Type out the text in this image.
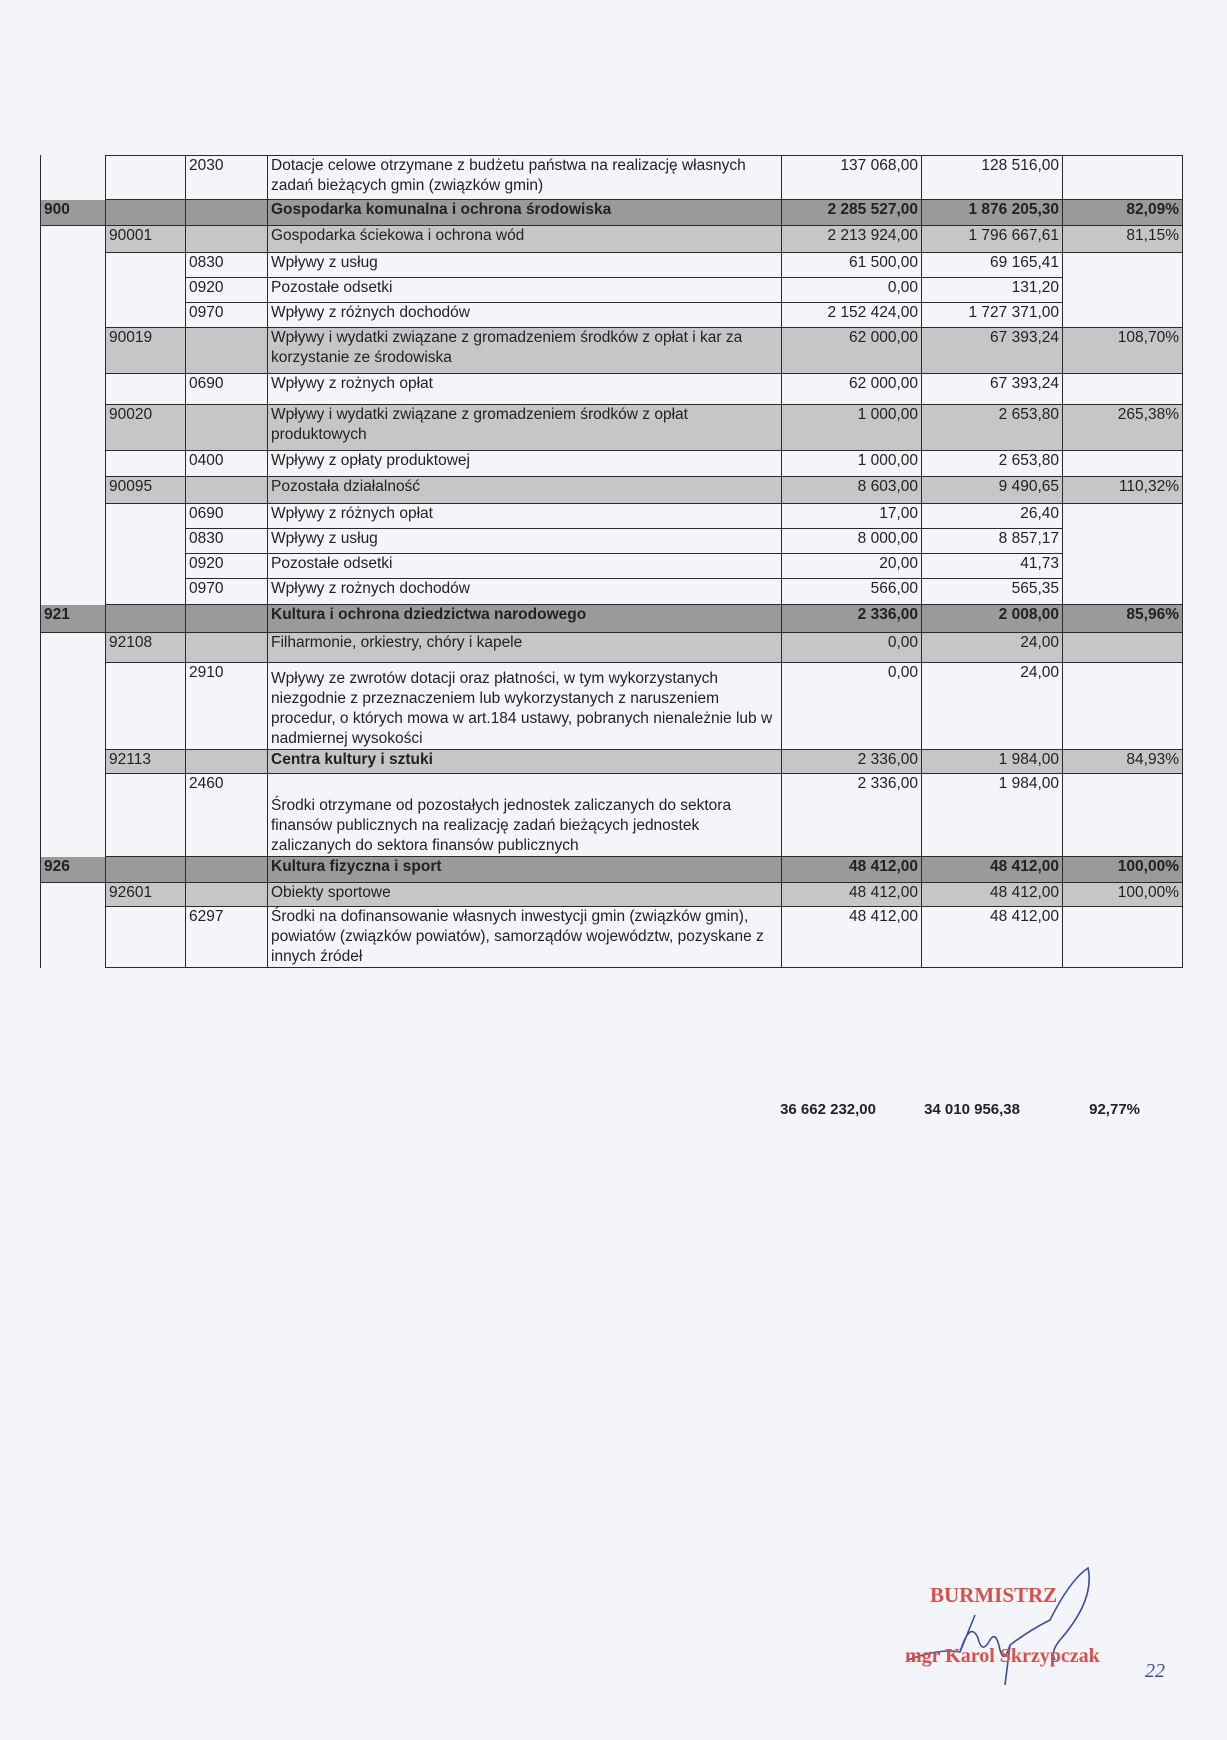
		2030	Dotacje celowe otrzymane z budżetu państwa na realizację własnych zadań bieżących gmin (związków gmin)	137 068,00	128 516,00	
900			Gospodarka komunalna i ochrona środowiska	2 285 527,00	1 876 205,30	82,09%
	90001		Gospodarka ściekowa i ochrona wód	2 213 924,00	1 796 667,61	81,15%
		0830	Wpływy z usług	61 500,00	69 165,41	
		0920	Pozostałe odsetki	0,00	131,20	
		0970	Wpływy z różnych dochodów	2 152 424,00	1 727 371,00	
	90019		Wpływy i wydatki związane z gromadzeniem środków z opłat i kar za korzystanie ze środowiska	62 000,00	67 393,24	108,70%
		0690	Wpływy z rożnych opłat	62 000,00	67 393,24	
	90020		Wpływy i wydatki związane z gromadzeniem środków z opłat produktowych	1 000,00	2 653,80	265,38%
		0400	Wpływy z opłaty produktowej	1 000,00	2 653,80	
	90095		Pozostała działalność	8 603,00	9 490,65	110,32%
		0690	Wpływy z różnych opłat	17,00	26,40	
		0830	Wpływy z usług	8 000,00	8 857,17	
		0920	Pozostałe odsetki	20,00	41,73	
		0970	Wpływy z rożnych dochodów	566,00	565,35	
921			Kultura i ochrona dziedzictwa narodowego	2 336,00	2 008,00	85,96%
	92108		Filharmonie, orkiestry, chóry i kapele	0,00	24,00	
		2910	Wpływy ze zwrotów dotacji oraz płatności, w tym wykorzystanych niezgodnie z przeznaczeniem lub wykorzystanych z naruszeniem procedur, o których mowa w art.184 ustawy, pobranych nienależnie lub w nadmiernej wysokości	0,00	24,00	
	92113		Centra kultury i sztuki	2 336,00	1 984,00	84,93%
		2460	Środki otrzymane od pozostałych jednostek zaliczanych do sektora finansów publicznych na realizację zadań bieżących jednostek zaliczanych do sektora finansów publicznych	2 336,00	1 984,00	
926			Kultura fizyczna i sport	48 412,00	48 412,00	100,00%
	92601		Obiekty sportowe	48 412,00	48 412,00	100,00%
		6297	Środki na dofinansowanie własnych inwestycji gmin (związków gmin), powiatów (związków powiatów), samorządów województw, pozyskane z innych źródeł	48 412,00	48 412,00	
36 662 232,00	34 010 956,38	92,77%
BURMISTRZ
mgr Karol Skrzypczak
22
